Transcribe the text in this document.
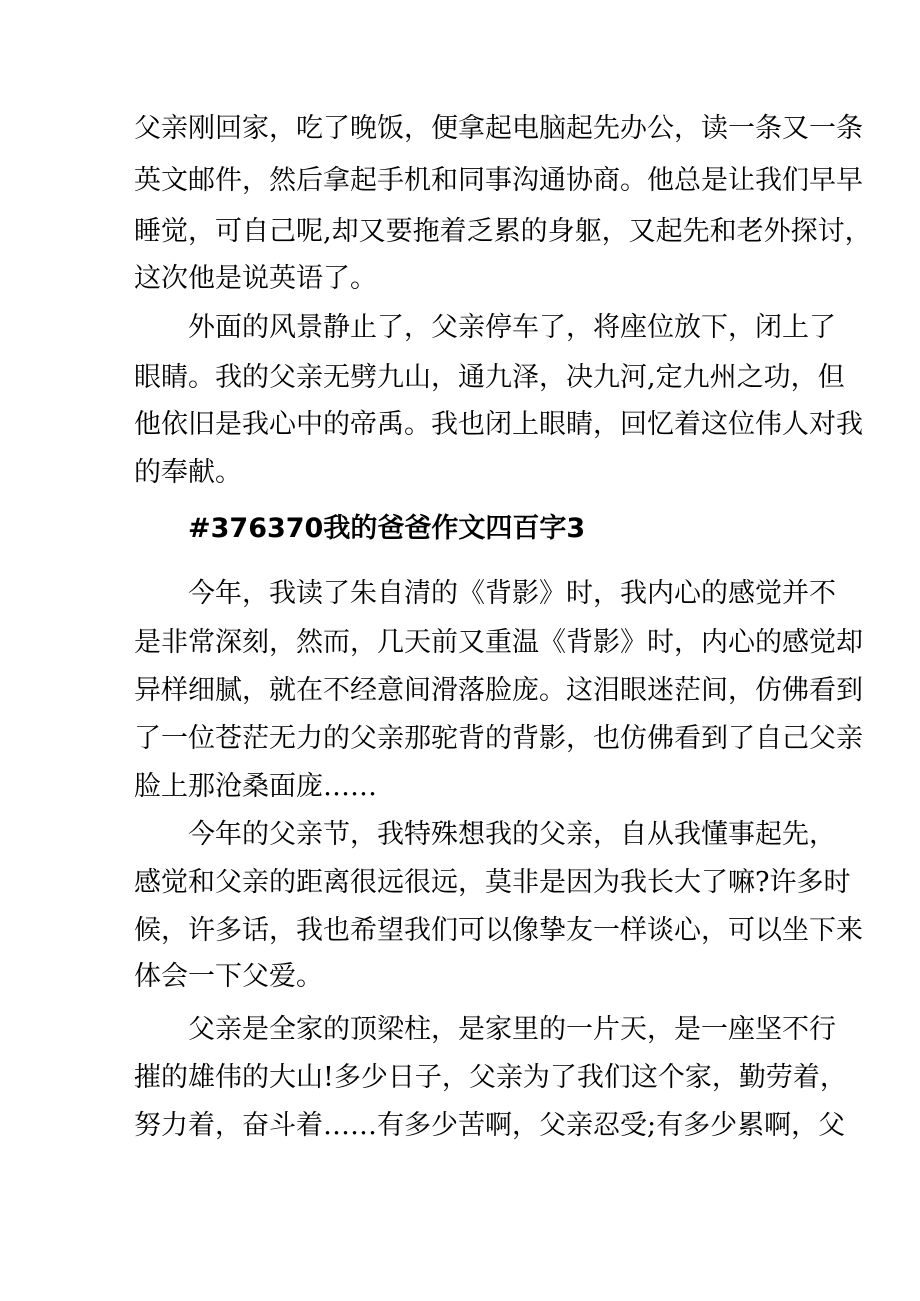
父亲刚回家，吃了晚饭，便拿起电脑起先办公，读一条又一条
英文邮件，然后拿起手机和同事沟通协商。他总是让我们早早
睡觉，可自己呢,却又要拖着乏累的身躯，又起先和老外探讨，
这次他是说英语了。
外面的风景静止了，父亲停车了，将座位放下，闭上了
眼睛。我的父亲无劈九山，通九泽，决九河,定九州之功，但
他依旧是我心中的帝禹。我也闭上眼睛，回忆着这位伟人对我
的奉献。
#376370我的爸爸作文四百字3
今年，我读了朱自清的《背影》时，我内心的感觉并不
是非常深刻，然而，几天前又重温《背影》时，内心的感觉却
异样细腻，就在不经意间滑落脸庞。这泪眼迷茫间，仿佛看到
了一位苍茫无力的父亲那驼背的背影，也仿佛看到了自己父亲
脸上那沧桑面庞……
今年的父亲节，我特殊想我的父亲，自从我懂事起先，
感觉和父亲的距离很远很远，莫非是因为我长大了嘛?许多时
候，许多话，我也希望我们可以像挚友一样谈心，可以坐下来
体会一下父爱。
父亲是全家的顶梁柱，是家里的一片天，是一座坚不行
摧的雄伟的大山!多少日子，父亲为了我们这个家，勤劳着，
努力着，奋斗着……有多少苦啊，父亲忍受;有多少累啊，父
